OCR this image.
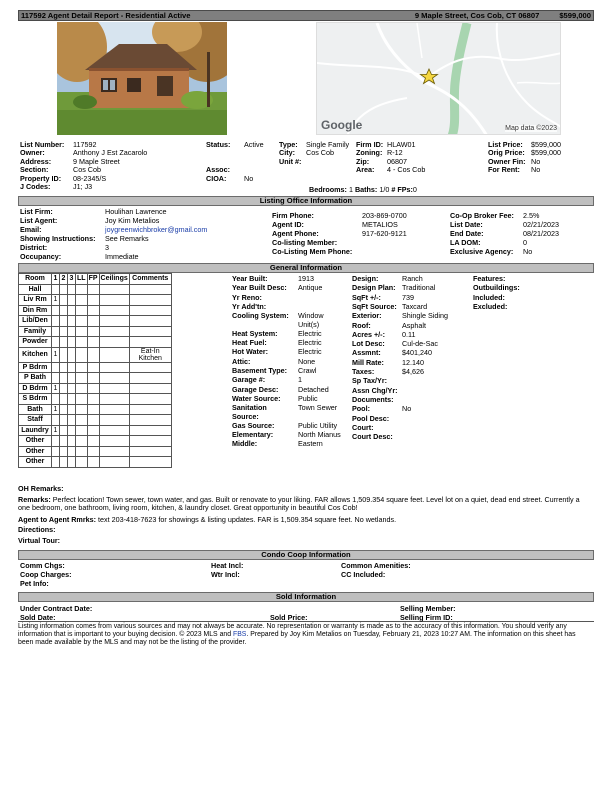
117592 Agent Detail Report - Residential Active	9 Maple Street, Cos Cob, CT 06807	$599,000
Google	Map data ©2023
List Number: 117592
Owner:	Anthony J Est Zacarolo
Address:	9 Maple Street
Section:	Cos Cob
Property ID: 08-2345/S
J Codes:	J1; J3
Status: Active
Assoc:
CIOA: No
Type: Single Family
City: Cos Cob
Unit #:
Firm ID: HLAW01
Zoning: R-12
Zip: 06807
Area: 4 - Cos Cob
List Price: $599,000
Orig Price: $599,000
Owner Fin: No
For Rent: No
Bedrooms: 1 Baths: 1/0 # FPs:0
Listing Office Information
List Firm:	Houlihan Lawrence
List Agent:	Joy Kim Metalios
Email:	joygreenwichbroker@gmail.com
Showing Instructions: See Remarks
District:	3
Occupancy:	Immediate
Firm Phone:	203-869-0700
Agent ID:	METALIOS
Agent Phone:	917-620-9121
Co-listing Member:
Co-Listing Mem Phone:
Co-Op Broker Fee: 2.5%
List Date:	02/21/2023
End Date:	08/21/2023
LA DOM:	0
Exclusive Agency: No
General Information
Room	1	2	3	LL	FP	Ceilings	Comments
Hall							
Liv Rm	1						
Din Rm							
Lib/Den							
Family							
Powder							
Kitchen	1						Eat-In Kitchen
P Bdrm							
P Bath							
D Bdrm	1						
S Bdrm							
Bath	1						
Staff							
Laundry	1						
Other							
Other							
Other							
Year Built:	1913
Year Built Desc: Antique
Yr Reno:
Yr Add'tn:
Cooling System: Window Unit(s)
Heat System:	Electric
Heat Fuel:	Electric
Hot Water:	Electric
Attic:	None
Basement Type: Crawl
Garage #:	1
Garage Desc:	Detached
Water Source: Public
Sanitation Source:
Town Sewer
Gas Source:	Public Utility
Elementary:	North Mianus
Middle:	Eastern
Design:	Ranch
Design Plan: Traditional
SqFt +/-:	739
SqFt Source: Taxcard
Exterior:	Shingle Siding
Roof:	Asphalt
Acres +/-: 0.11
Lot Desc: Cul-de-Sac
Assmnt:	$401,240
Mill Rate:	12.140
Taxes:	$4,626
Sp Tax/Yr:
Assn Chg/Yr:
Documents:
Pool:	No
Pool Desc:
Court:
Court Desc:
Features:
Outbuildings:
Included:
Excluded:
OH Remarks:
Remarks: Perfect location! Town sewer, town water, and gas. Built or renovate to your liking. FAR allows 1,509.354 square feet. Level lot on a quiet, dead end street. Currently a one bedroom, one bathroom, living room, kitchen, & laundry closet. Great opportunity in beautiful Cos Cob!
Agent to Agent Rmrks: text 203-418-7623 for showings & listing updates. FAR is 1,509.354 square feet. No wetlands.
Directions:
Virtual Tour:
Condo Coop Information
Comm Chgs:
Coop Charges:
Pet Info:
Heat Incl:
Wtr Incl:
Common Amenities:
CC Included:
Sold Information
Under Contract Date:
Sold Date:	Sold Price:
Selling Member:
Selling Firm ID:
Listing information comes from various sources and may not always be accurate. No representation or warranty is made as to the accuracy of this information. You should verify any information that is important to your buying decision. © 2023 MLS and FBS. Prepared by Joy Kim Metalios on Tuesday, February 21, 2023 10:27 AM. The information on this sheet has been made available by the MLS and may not be the listing of the provider.
